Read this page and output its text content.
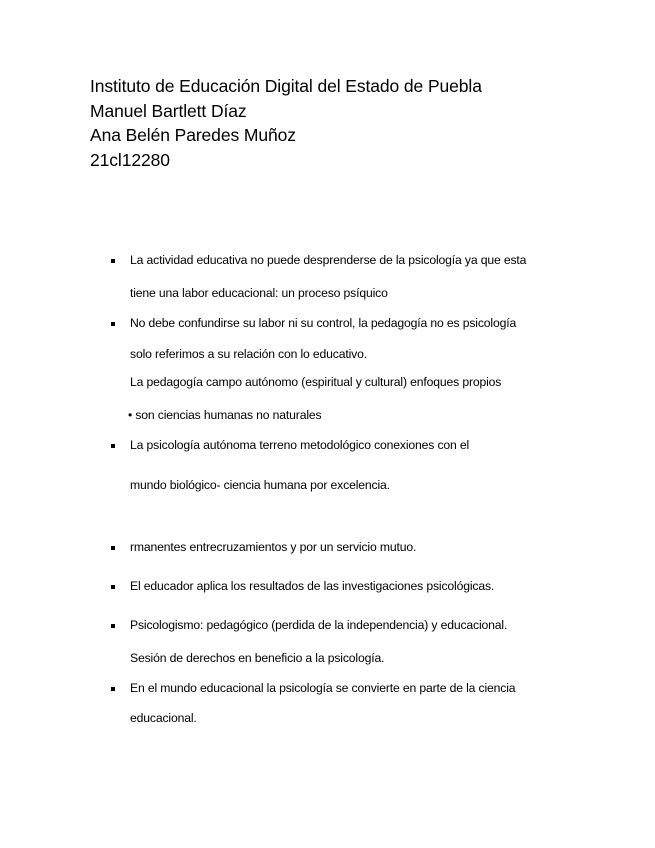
Instituto de Educación Digital del Estado de Puebla
Manuel Bartlett Díaz
Ana Belén Paredes Muñoz
21cl12280
La actividad educativa no puede desprenderse de la psicología ya que esta
tiene una labor educacional: un proceso psíquico
No debe confundirse su labor ni su control, la pedagogía no es psicología
solo referimos a su relación con lo educativo.
La pedagogía campo autónomo (espiritual y cultural) enfoques propios
• son ciencias humanas no naturales
La psicología autónoma terreno metodológico conexiones con el
mundo biológico- ciencia humana por excelencia.
rmanentes entrecruzamientos y por un servicio mutuo.
El educador aplica los resultados de las investigaciones psicológicas.
Psicologismo: pedagógico (perdida de la independencia) y educacional.
Sesión de derechos en beneficio a la psicología.
En el mundo educacional la psicología se convierte en parte de la ciencia
educacional.
